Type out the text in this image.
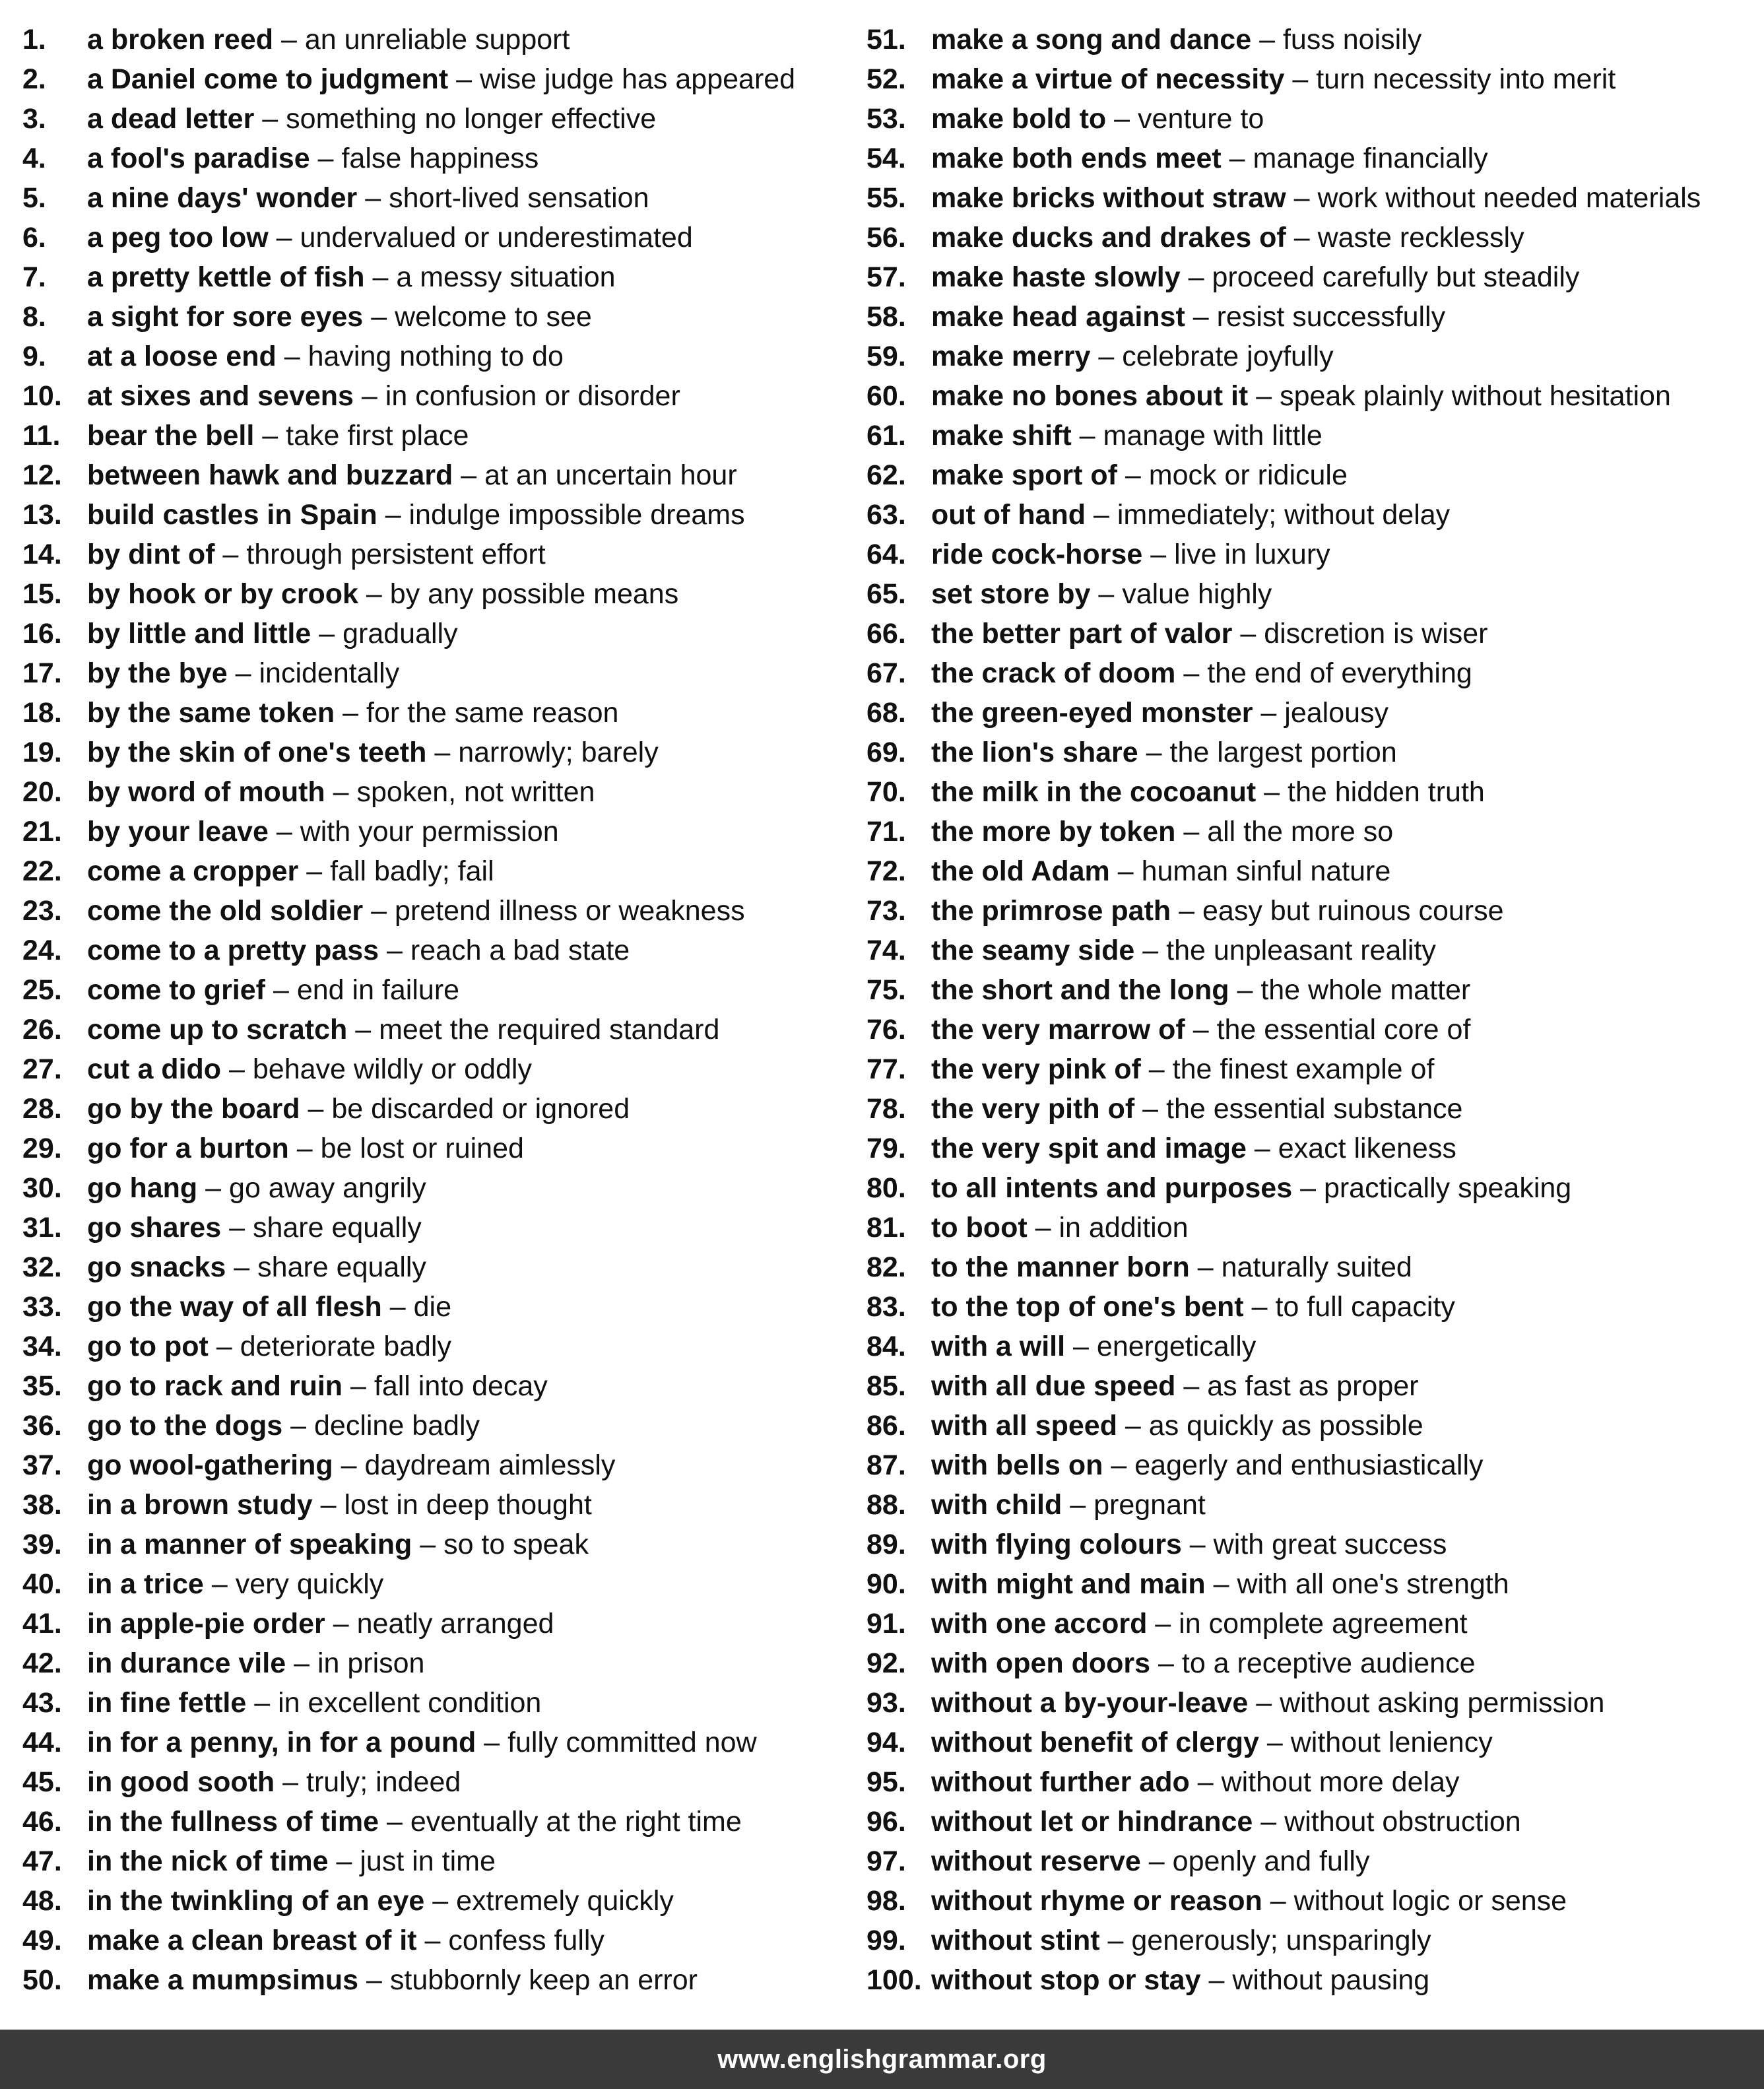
1.	a broken reed
–
an unreliable support
2.	a Daniel come to judgment
–
wise judge has appeared
3.	a dead letter
–
something no longer effective
4.	a fool's paradise
–
false happiness
5.	a nine days' wonder
–
short-lived sensation
6.	a peg too low
–
undervalued or underestimated
7.	a pretty kettle of fish
–
a messy situation
8.	a sight for sore eyes
–
welcome to see
9.	at a loose end
–
having nothing to do
10. at sixes and sevens
–
in confusion or disorder
11. bear the bell
–
take first place
12. between hawk and buzzard
–
at an uncertain hour
13. build castles in Spain
–
indulge impossible dreams
14. by dint of
–
through persistent effort
15. by hook or by crook
–
by any possible means
16. by little and little
–
gradually
17. by the bye
–
incidentally
18. by the same token
–
for the same reason
19. by the skin of one's teeth
–
narrowly; barely
20. by word of mouth
–
spoken, not written
21. by your leave
–
with your permission
22. come a cropper
–
fall badly; fail
23. come the old soldier
–
pretend illness or weakness
24. come to a pretty pass
–
reach a bad state
25. come to grief
–
end in failure
26. come up to scratch
–
meet the required standard
27. cut a dido
–
behave wildly or oddly
28. go by the board
–
be discarded or ignored
29. go for a burton
–
be lost or ruined
30. go hang
–
go away angrily
31. go shares
–
share equally
32. go snacks
–
share equally
33. go the way of all flesh
–
die
34. go to pot
–
deteriorate badly
35. go to rack and ruin
–
fall into decay
36. go to the dogs
–
decline badly
37. go wool-gathering
–
daydream aimlessly
38. in a brown study
–
lost in deep thought
39. in a manner of speaking
–
so to speak
40. in a trice
–
very quickly
41. in apple-pie order
–
neatly arranged
42. in durance vile
–
in prison
43. in fine fettle
–
in excellent condition
44. in for a penny, in for a pound
–
fully committed now
45. in good sooth
–
truly; indeed
46. in the fullness of time
–
eventually at the right time
47. in the nick of time
–
just in time
48. in the twinkling of an eye
–
extremely quickly
49. make a clean breast of it
–
confess fully
50. make a mumpsimus
–
stubbornly keep an error
51. make a song and dance
–
fuss noisily
52. make a virtue of necessity
–
turn necessity into merit
53. make bold to
–
venture to
54. make both ends meet
–
manage financially
55. make bricks without straw
–
work without needed materials
56. make ducks and drakes of
–
waste recklessly
57. make haste slowly
–
proceed carefully but steadily
58. make head against
–
resist successfully
59. make merry
–
celebrate joyfully
60. make no bones about it
–
speak plainly without hesitation
61. make shift
–
manage with little
62. make sport of
–
mock or ridicule
63. out of hand
–
immediately; without delay
64. ride cock-horse
–
live in luxury
65. set store by
–
value highly
66. the better part of valor
–
discretion is wiser
67. the crack of doom
–
the end of everything
68. the green-eyed monster
–
jealousy
69. the lion's share
–
the largest portion
70. the milk in the cocoanut
–
the hidden truth
71. the more by token
–
all the more so
72. the old Adam
–
human sinful nature
73. the primrose path
–
easy but ruinous course
74. the seamy side
–
the unpleasant reality
75. the short and the long
–
the whole matter
76. the very marrow of
–
the essential core of
77. the very pink of
–
the finest example of
78. the very pith of
–
the essential substance
79. the very spit and image
–
exact likeness
80. to all intents and purposes
–
practically speaking
81. to boot
–
in addition
82. to the manner born
–
naturally suited
83. to the top of one's bent
–
to full capacity
84. with a will
–
energetically
85. with all due speed
–
as fast as proper
86. with all speed
–
as quickly as possible
87. with bells on
–
eagerly and enthusiastically
88. with child
–
pregnant
89. with flying colours
–
with great success
90. with might and main
–
with all one's strength
91. with one accord
–
in complete agreement
92. with open doors
–
to a receptive audience
93. without a by-your-leave
–
without asking permission
94. without benefit of clergy
–
without leniency
95. without further ado
–
without more delay
96. without let or hindrance
–
without obstruction
97. without reserve
–
openly and fully
98. without rhyme or reason
–
without logic or sense
99. without stint
–
generously; unsparingly
100. without stop or stay
–
without pausing
www.englishgrammar.org
